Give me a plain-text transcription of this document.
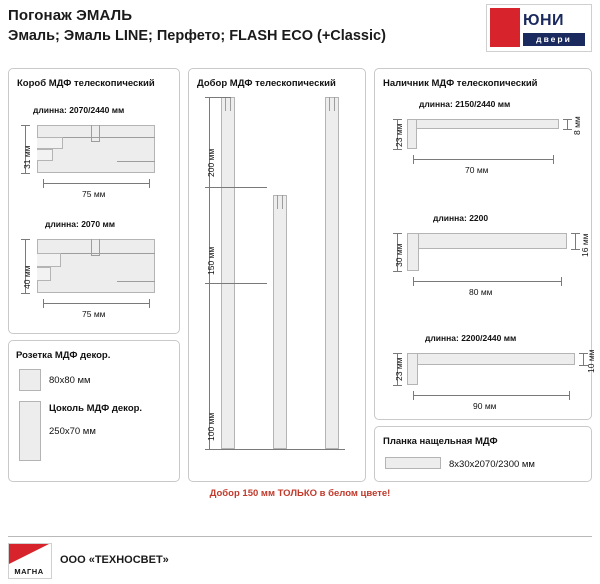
Погонаж ЭМАЛЬ
Эмаль; Эмаль LINE; Перфето; FLASH ECO (+Classic)
ЮНИ
двери
Короб МДФ телескопический
длинна: 2070/2440 мм
31 мм
75 мм
длинна: 2070 мм
40 мм
75 мм
Розетка МДФ декор.
80х80 мм
Цоколь МДФ декор.
250х70 мм
Добор МДФ телескопический
200 мм
150 мм
100 мм
Наличник МДФ телескопический
длинна: 2150/2440 мм
23 мм	8 мм
70 мм
длинна: 2200
30 мм	16 мм
80 мм
длинна: 2200/2440 мм
23 мм	10 мм
90 мм
Планка нащельная МДФ
8х30х2070/2300 мм
Добор 150 мм ТОЛЬКО в белом цвете!
МАГНА
ООО «ТЕХНОСВЕТ»
